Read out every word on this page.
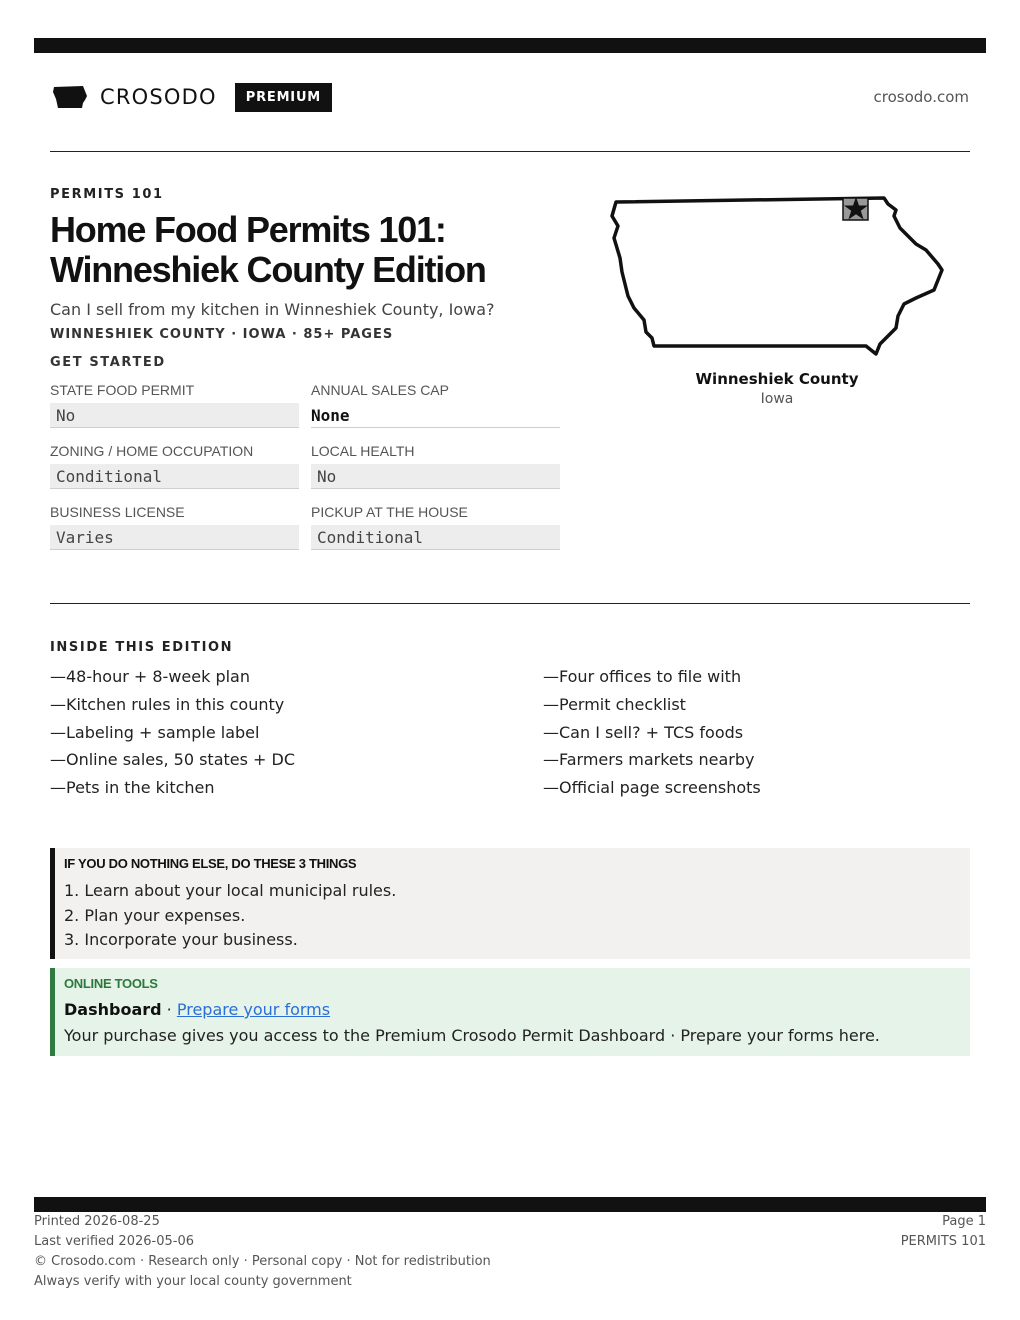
CROSODO	PREMIUM	crosodo.com
PERMITS 101
Home Food Permits 101:
Winneshiek County Edition
Can I sell from my kitchen in Winneshiek County, Iowa?
WINNESHIEK COUNTY · IOWA · 85+ PAGES
GET STARTED
STATE FOOD PERMIT
No
ANNUAL SALES CAP
None
ZONING / HOME OCCUPATION
Conditional
LOCAL HEALTH
No
BUSINESS LICENSE
Varies
PICKUP AT THE HOUSE
Conditional
Winneshiek County
Iowa
INSIDE THIS EDITION
—48-hour + 8-week plan
—Kitchen rules in this county
—Labeling + sample label
—Online sales, 50 states + DC
—Pets in the kitchen
—Four offices to file with
—Permit checklist
—Can I sell? + TCS foods
—Farmers markets nearby
—Official page screenshots
IF YOU DO NOTHING ELSE, DO THESE 3 THINGS
1. Learn about your local municipal rules.
2. Plan your expenses.
3. Incorporate your business.
ONLINE TOOLS
Dashboard · Prepare your forms
Your purchase gives you access to the Premium Crosodo Permit Dashboard · Prepare your forms here.
Printed 2026-08-25
Last verified 2026-05-06
© Crosodo.com · Research only · Personal copy · Not for redistribution
Always verify with your local county government
Page 1
PERMITS 101
